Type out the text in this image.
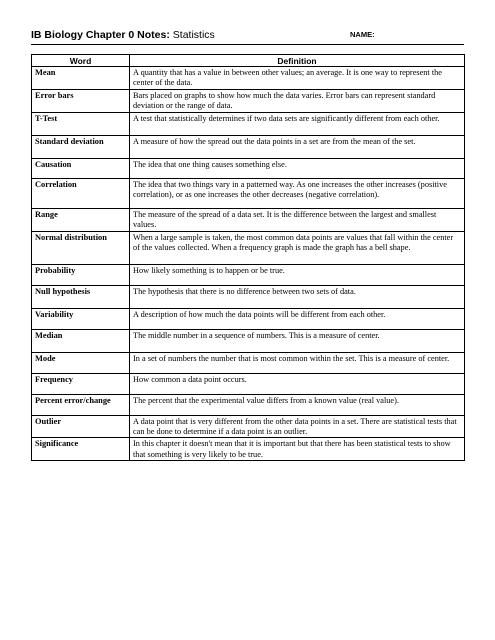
IB Biology Chapter 0 Notes: Statistics	NAME:
Word	Definition
Mean	A quantity that has a value in between other values; an average. It is one way to represent the center of the data.
Error bars	Bars placed on graphs to show how much the data varies. Error bars can represent standard deviation or the range of data.
T-Test	A test that statistically determines if two data sets are significantly different from each other.
Standard deviation	A measure of how the spread out the data points in a set are from the mean of the set.
Causation	The idea that one thing causes something else.
Correlation	The idea that two things vary in a patterned way. As one increases the other increases (positive correlation), or as one increases the other decreases (negative correlation).
Range	The measure of the spread of a data set. It is the difference between the largest and smallest values.
Normal distribution	When a large sample is taken, the most common data points are values that fall within the center of the values collected. When a frequency graph is made the graph has a bell shape.
Probability	How likely something is to happen or be true.
Null hypothesis	The hypothesis that there is no difference between two sets of data.
Variability	A description of how much the data points will be different from each other.
Median	The middle number in a sequence of numbers. This is a measure of center.
Mode	In a set of numbers the number that is most common within the set. This is a measure of center.
Frequency	How common a data point occurs.
Percent error/change	The percent that the experimental value differs from a known value (real value).
Outlier	A data point that is very different from the other data points in a set. There are statistical tests that can be done to determine if a data point is an outlier.
Significance	In this chapter it doesn't mean that it is important but that there has been statistical tests to show that something is very likely to be true.
